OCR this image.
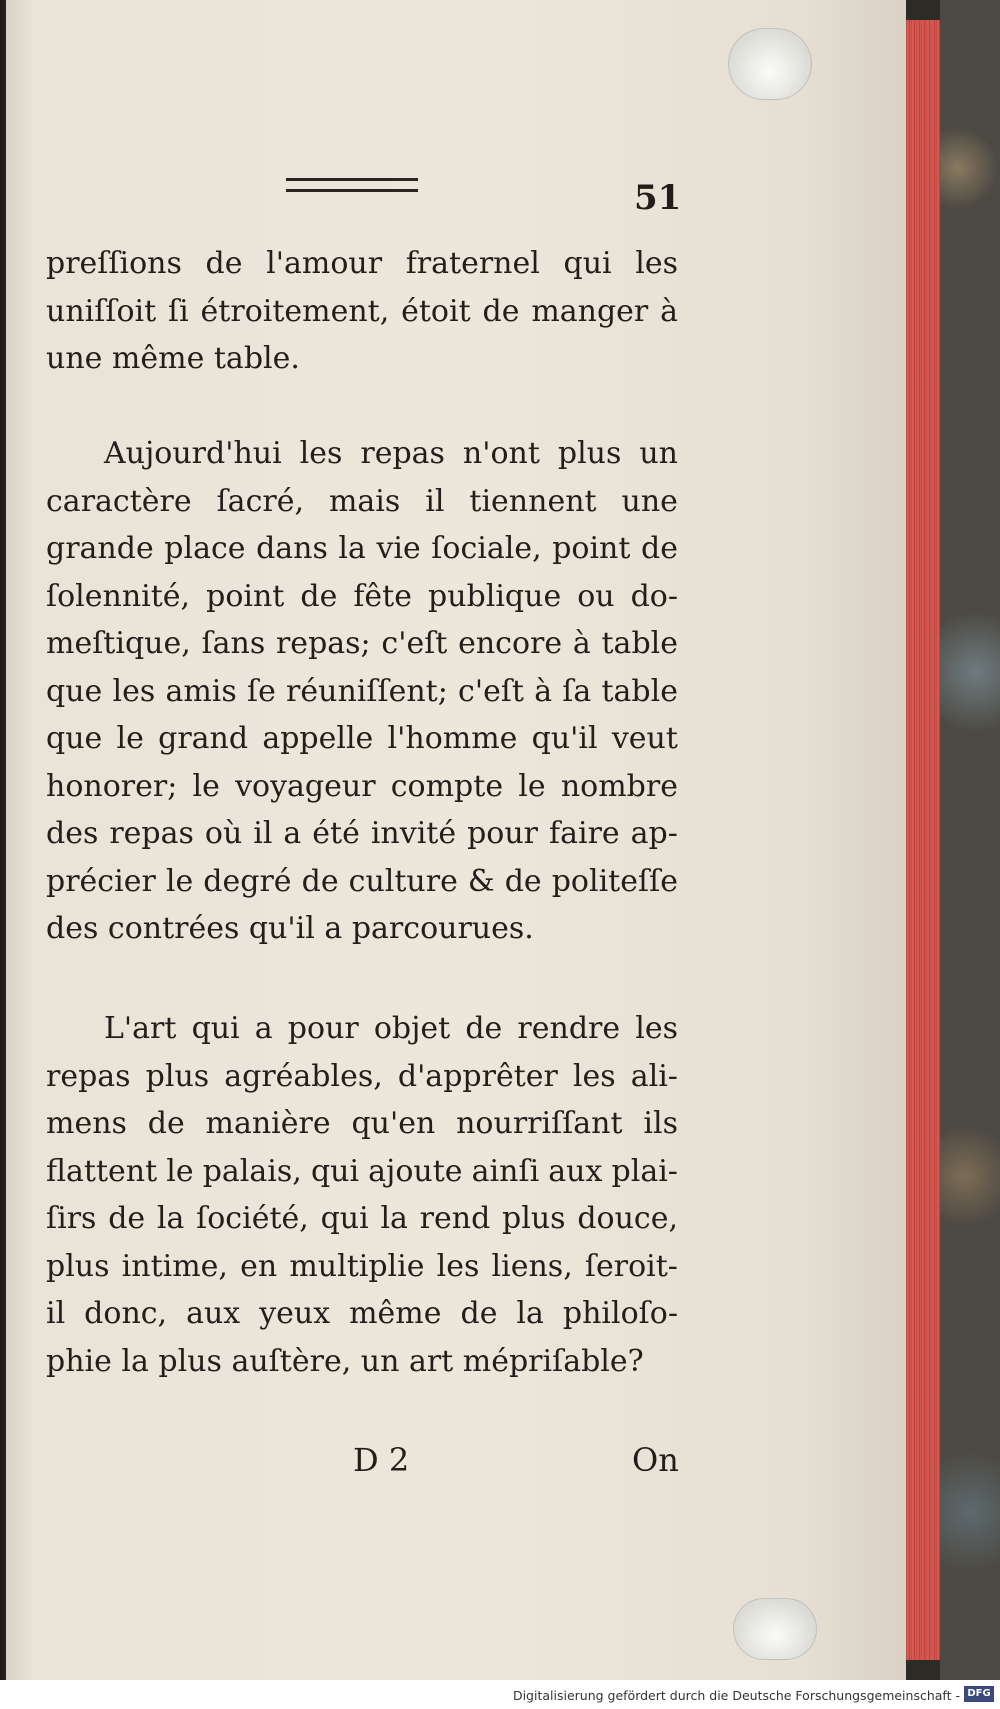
51
preſſions de l'amour fraternel qui les
uniſſoit ſi étroitement, étoit de manger à
une même table.
Aujourd'hui les repas n'ont plus un
caractère ſacré, mais il tiennent une
grande place dans la vie ſociale, point de
ſolennité, point de fête publique ou do-
meſtique, ſans repas; c'eſt encore à table
que les amis ſe réuniſſent; c'eſt à ſa table
que le grand appelle l'homme qu'il veut
honorer; le voyageur compte le nombre
des repas où il a été invité pour faire ap-
précier le degré de culture & de politeſſe
des contrées qu'il a parcourues.
L'art qui a pour objet de rendre les
repas plus agréables, d'apprêter les ali-
mens de manière qu'en nourriſſant ils
flattent le palais, qui ajoute ainſi aux plai-
ſirs de la ſociété, qui la rend plus douce,
plus intime, en multiplie les liens, ſeroit-
il donc, aux yeux même de la philoſo-
phie la plus auſtère, un art mépriſable?
D 2	On
Digitalisierung gefördert durch die Deutsche Forschungsgemeinschaft - DFG
